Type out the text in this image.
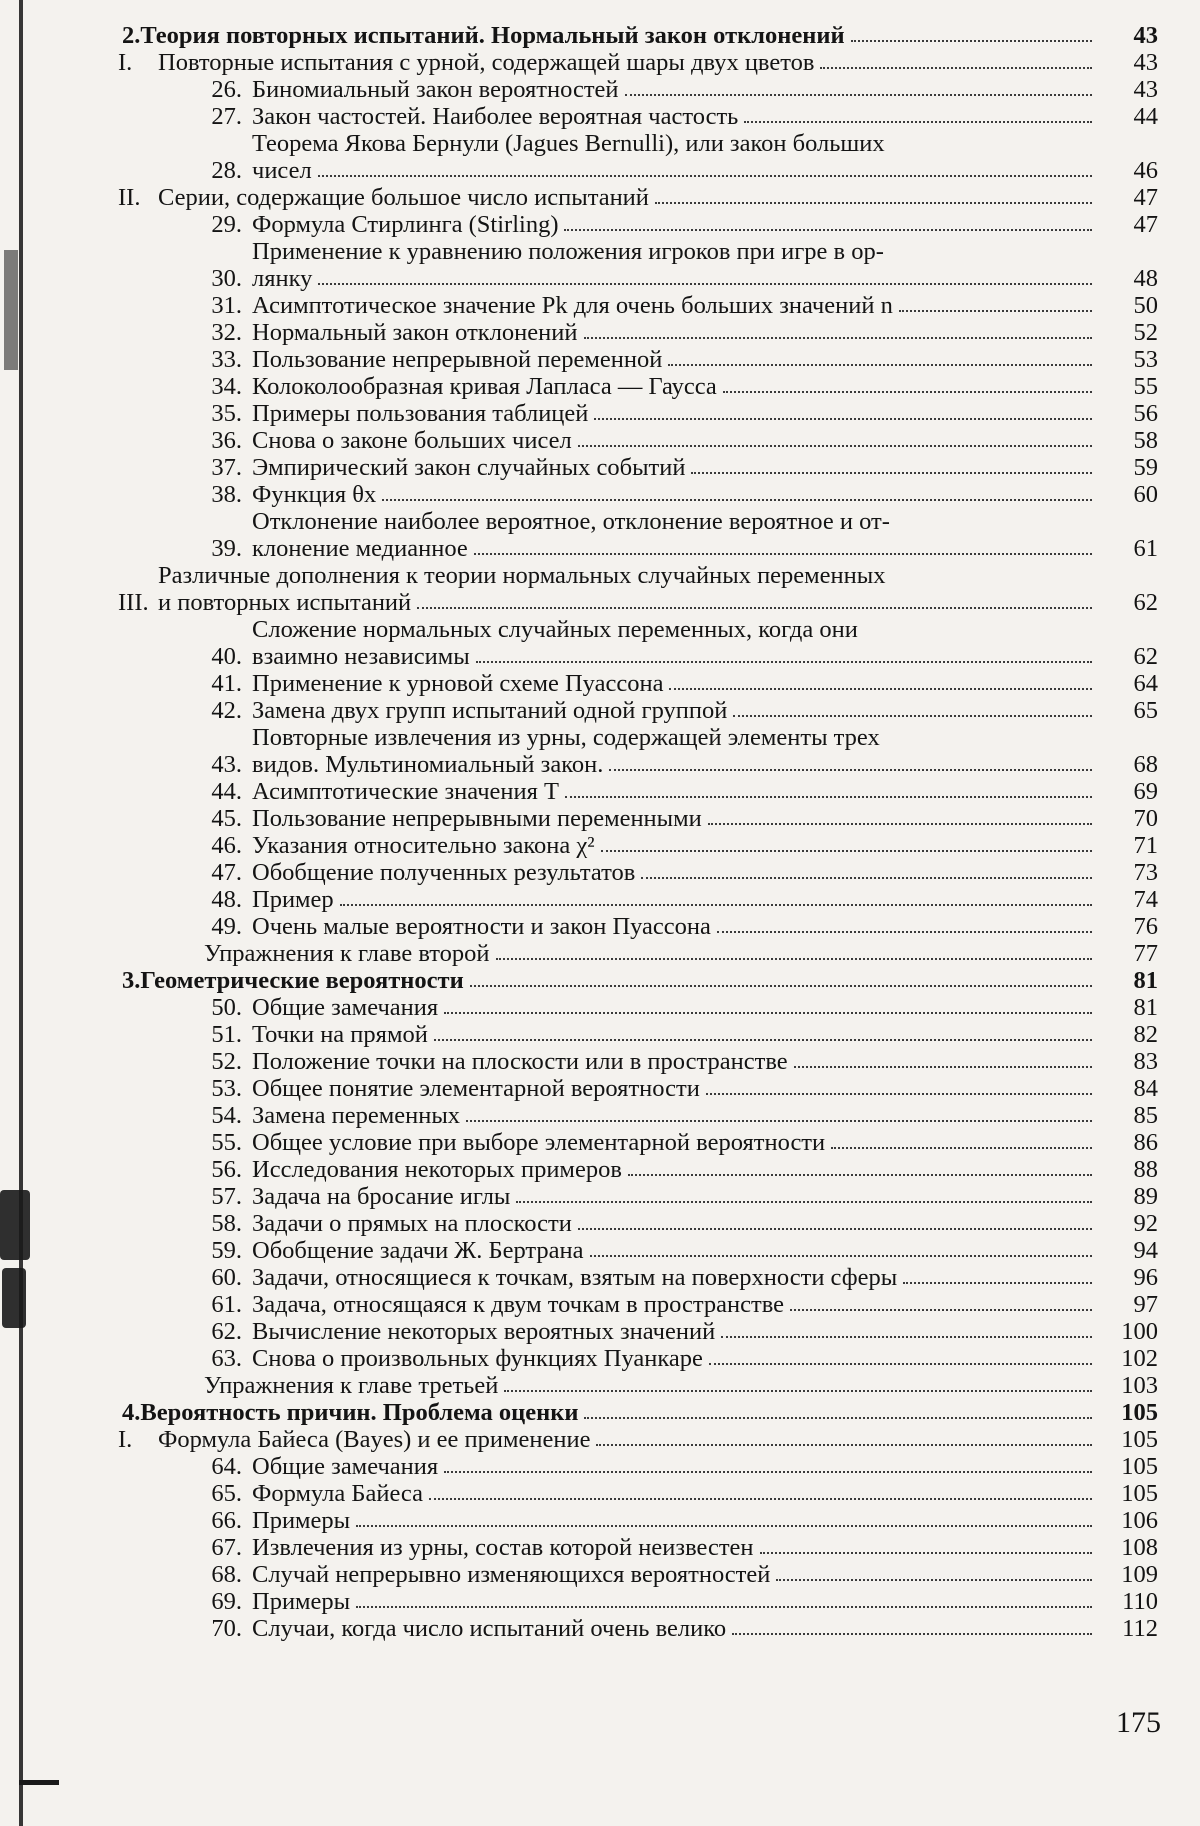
2. Теория повторных испытаний. Нормальный закон отклонений	43
I.	Повторные испытания с урной, содержащей шары двух цветов	43
26. Биномиальный закон вероятностей	43
27. Закон частостей. Наиболее вероятная частость	44
28.
Теорема Якова Бернули (Jagues Bernulli), или закон больших
чисел	46
II. Серии, содержащие большое число испытаний	47
29. Формула Стирлинга (Stirling)	47
30.
Применение к уравнению положения игроков при игре в ор-
лянку	48
31. Асимптотическое значение Pk для очень больших значений n	50
32. Нормальный закон отклонений	52
33. Пользование непрерывной переменной	53
34. Колоколообразная кривая Лапласа — Гаусса	55
35. Примеры пользования таблицей	56
36. Снова о законе больших чисел	58
37. Эмпирический закон случайных событий	59
38. Функция θx	60
39.
Отклонение наиболее вероятное, отклонение вероятное и от-
клонение медианное	61
III.
Различные дополнения к теории нормальных случайных переменных
и повторных испытаний	62
40.
Сложение нормальных случайных переменных, когда они
взаимно независимы	62
41. Применение к урновой схеме Пуассона	64
42. Замена двух групп испытаний одной группой	65
43.
Повторные извлечения из урны, содержащей элементы трех
видов. Мультиномиальный закон.	68
44. Асимптотические значения T	69
45. Пользование непрерывными переменными	70
46. Указания относительно закона χ²	71
47. Обобщение полученных результатов	73
48. Пример	74
49. Очень малые вероятности и закон Пуассона	76
Упражнения к главе второй	77
3. Геометрические вероятности	81
50. Общие замечания	81
51. Точки на прямой	82
52. Положение точки на плоскости или в пространстве	83
53. Общее понятие элементарной вероятности	84
54. Замена переменных	85
55. Общее условие при выборе элементарной вероятности	86
56. Исследования некоторых примеров	88
57. Задача на бросание иглы	89
58. Задачи о прямых на плоскости	92
59. Обобщение задачи Ж. Бертрана	94
60. Задачи, относящиеся к точкам, взятым на поверхности сферы	96
61. Задача, относящаяся к двум точкам в пространстве	97
62. Вычисление некоторых вероятных значений	100
63. Снова о произвольных функциях Пуанкаре	102
Упражнения к главе третьей	103
4. Вероятность причин. Проблема оценки	105
I.	Формула Байеса (Bayes) и ее применение	105
64. Общие замечания	105
65. Формула Байеса	105
66. Примеры	106
67. Извлечения из урны, состав которой неизвестен	108
68. Случай непрерывно изменяющихся вероятностей	109
69. Примеры	110
70. Случаи, когда число испытаний очень велико	112
175
